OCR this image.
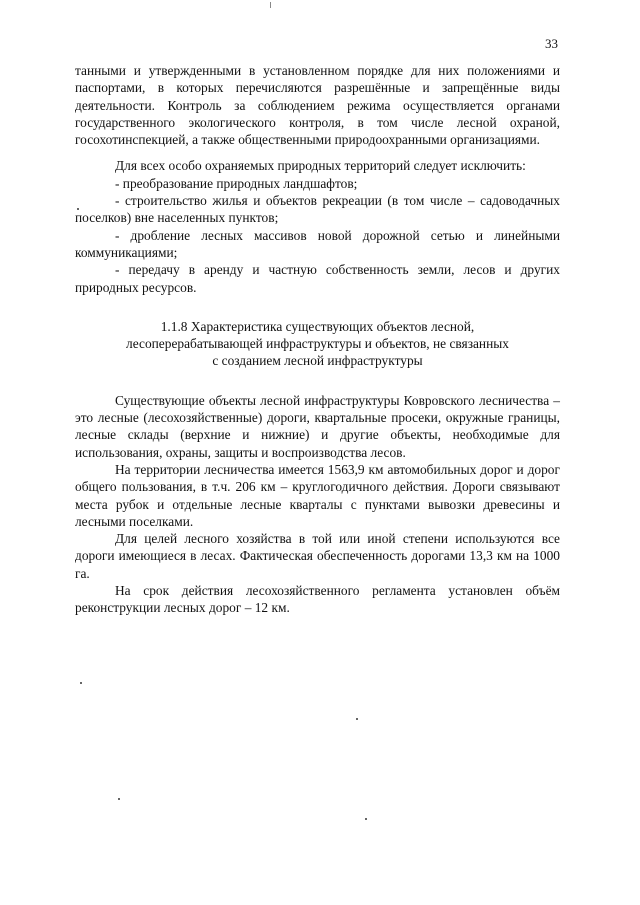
33

танными и утвержденными в установленном порядке для них положениями и паспортами, в которых перечисляются разрешённые и запрещённые виды деятельности. Контроль за соблюдением режима осуществляется органами государственного экологического контроля, в том числе лесной охраной, госохотинспекцией, а также общественными природоохранными организациями.

Для всех особо охраняемых природных территорий следует исключить:

- преобразование природных ландшафтов;

- строительство жилья и объектов рекреации (в том числе – садоводачных поселков) вне населенных пунктов;

- дробление лесных массивов новой дорожной сетью и линейными коммуникациями;

- передачу в аренду и частную собственность земли, лесов и других природных ресурсов.

1.1.8 Характеристика существующих объектов лесной,
лесоперерабатывающей инфраструктуры и объектов, не связанных
с созданием лесной инфраструктуры

Существующие объекты лесной инфраструктуры Ковровского лесничества – это лесные (лесохозяйственные) дороги, квартальные просеки, окружные границы, лесные склады (верхние и нижние) и другие объекты, необходимые для использования, охраны, защиты и воспроизводства лесов.

На территории лесничества имеется 1563,9 км автомобильных дорог и дорог общего пользования, в т.ч. 206 км – круглогодичного действия. Дороги связывают места рубок и отдельные лесные кварталы с пунктами вывозки древесины и лесными поселками.

Для целей лесного хозяйства в той или иной степени используются все дороги имеющиеся в лесах. Фактическая обеспеченность дорогами 13,3 км на 1000 га.

На срок действия лесохозяйственного регламента установлен объём реконструкции лесных дорог – 12 км.
